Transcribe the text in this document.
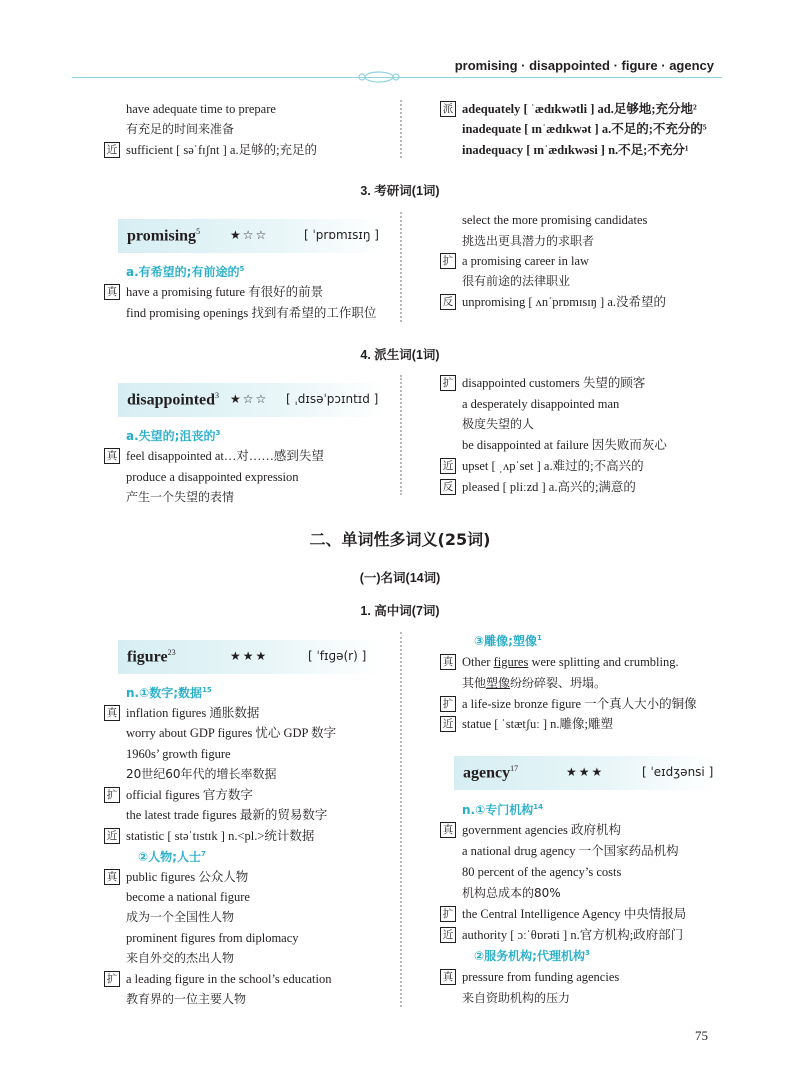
promising · disappointed · figure · agency
have adequate time to prepare
有充足的时间来准备
近 sufficient [ səˈfɪʃnt ] a.足够的;充足的
派 adequately [ ˈædɪkwətli ] ad.足够地;充分地²
inadequate [ ɪnˈædɪkwət ] a.不足的;不充分的⁵
inadequacy [ ɪnˈædɪkwəsi ] n.不足;不充分¹
3. 考研词(1词)
promising$^5$ ★☆☆	[ ˈprɒmɪsɪŋ ]
a.有希望的;有前途的$^5$
真 have a promising future 有很好的前景
find promising openings 找到有希望的工作职位
select the more promising candidates
挑选出更具潜力的求职者
扩 a promising career in law
很有前途的法律职业
反 unpromising [ ʌnˈprɒmɪsɪŋ ] a.没希望的
4. 派生词(1词)
disappointed$^3$ ★☆☆ [ ˌdɪsəˈpɔɪntɪd ]
a.失望的;沮丧的$^3$
真 feel disappointed at…对……感到失望
produce a disappointed expression
产生一个失望的表情
扩 disappointed customers 失望的顾客
a desperately disappointed man
极度失望的人
be disappointed at failure 因失败而灰心
近 upset [ ˌʌpˈset ] a.难过的;不高兴的
反 pleased [ pliːzd ] a.高兴的;满意的
二、单词性多词义(25词)
(一)名词(14词)
1. 高中词(7词)
figure$^{23}$	★★★	[ ˈfɪɡə(r) ]
n.①数字;数据$^{15}$
真 inflation figures 通胀数据
worry about GDP figures 忧心 GDP 数字
1960s’ growth figure
20世纪60年代的增长率数据
扩 official figures 官方数字
the latest trade figures 最新的贸易数字
近 statistic [ stəˈtɪstɪk ] n.<pl.>统计数据
②人物;人士$^7$
真 public figures 公众人物
become a national figure
成为一个全国性人物
prominent figures from diplomacy
来自外交的杰出人物
扩 a leading figure in the school’s education
教育界的一位主要人物
③雕像;塑像$^1$
真 Other figures were splitting and crumbling.
其他塑像纷纷碎裂、坍塌。
扩 a life-size bronze figure 一个真人大小的铜像
近 statue [ ˈstætʃuː ] n.雕像;雕塑
agency$^{17}$	★★★	[ ˈeɪdʒənsi ]
n.①专门机构$^{14}$
真 government agencies 政府机构
a national drug agency 一个国家药品机构
80 percent of the agency’s costs
机构总成本的80%
扩 the Central Intelligence Agency 中央情报局
近 authority [ ɔːˈθɒrəti ] n.官方机构;政府部门
②服务机构;代理机构$^3$
真 pressure from funding agencies
来自资助机构的压力
75
